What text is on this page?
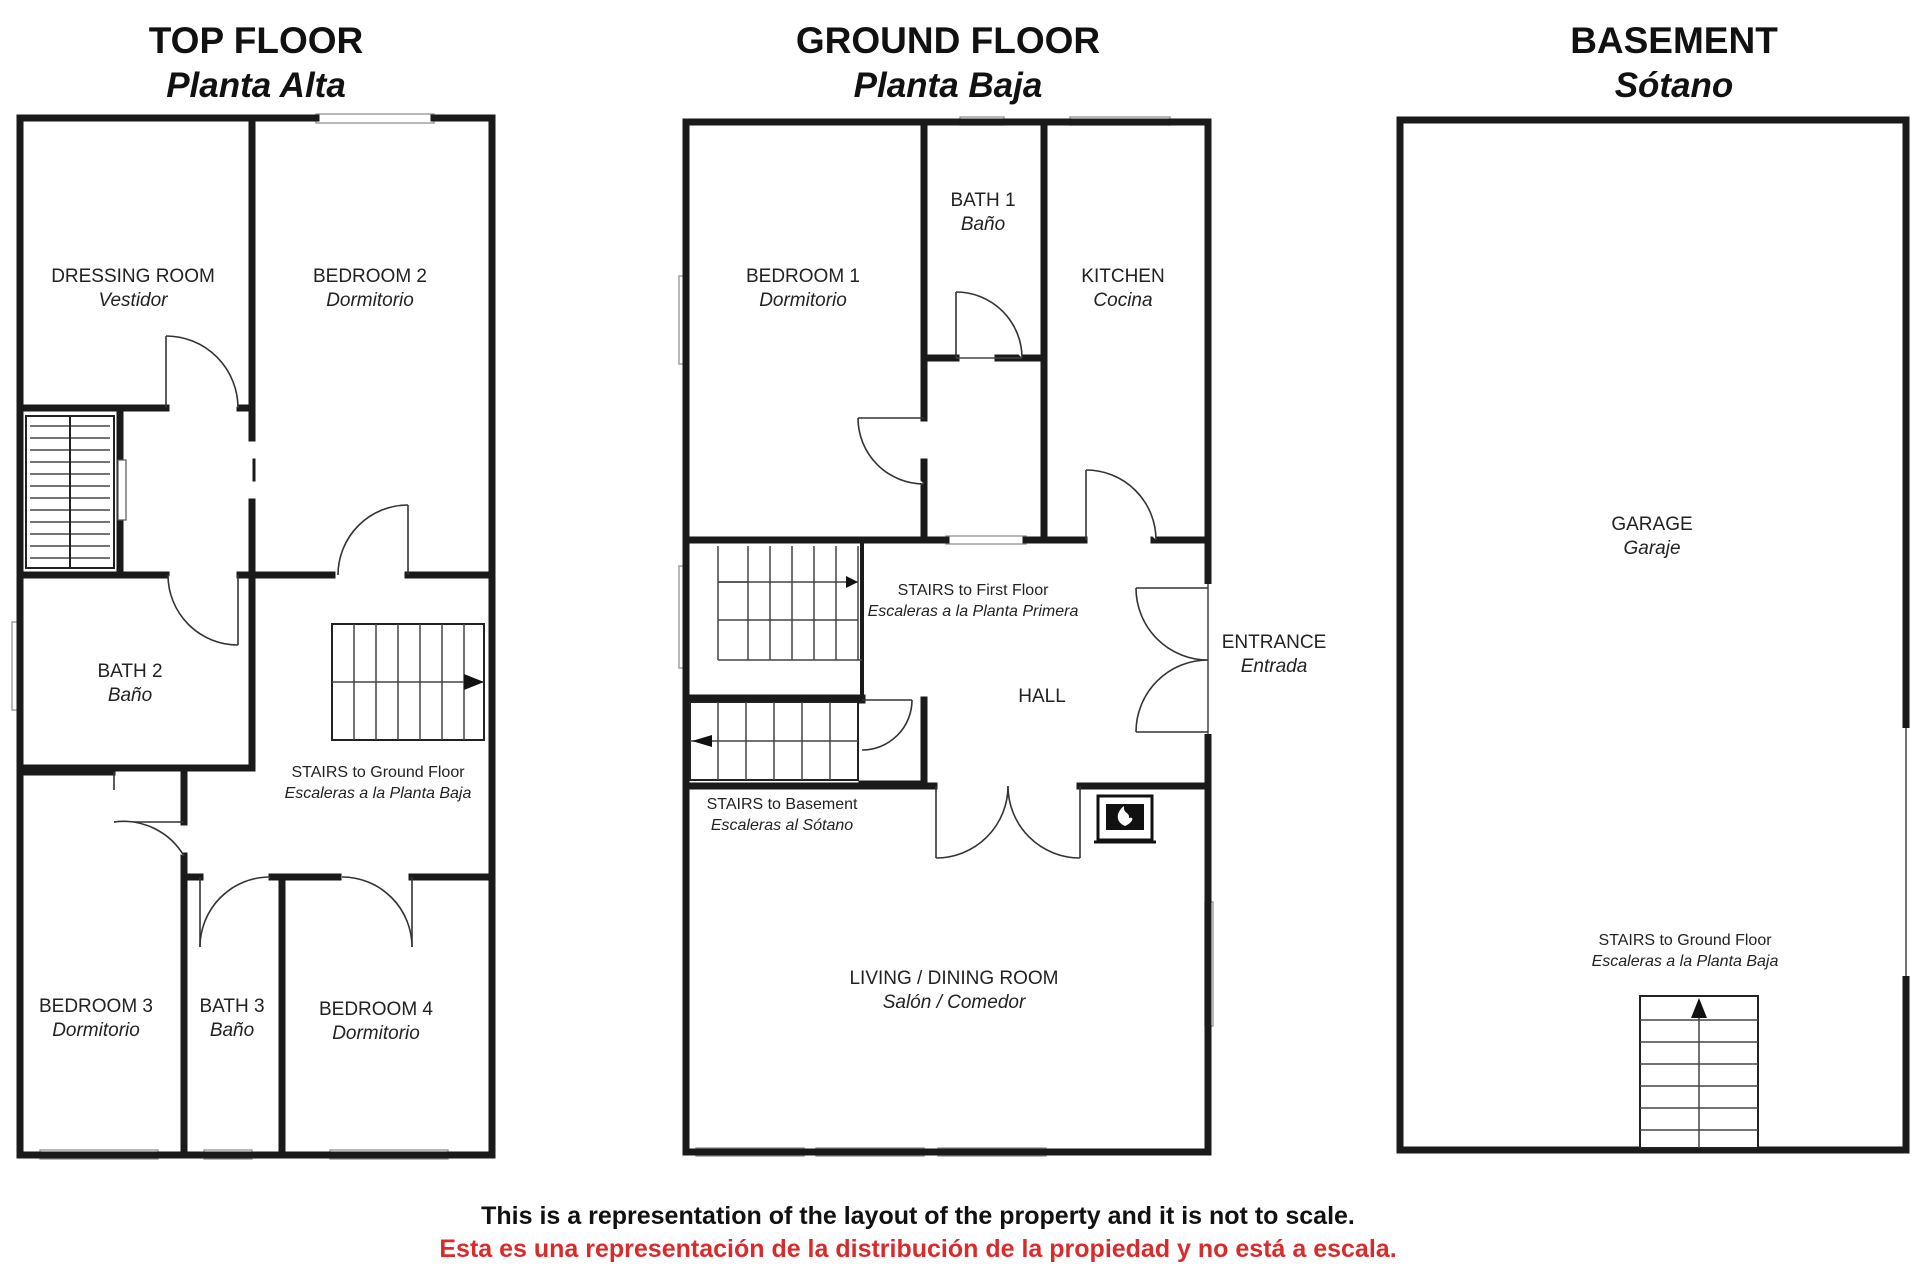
TOP FLOOR
Planta Alta
GROUND FLOOR
Planta Baja
BASEMENT
Sótano
DRESSING ROOM
Vestidor
BEDROOM 2
Dormitorio
BATH 2
Baño
STAIRS to Ground Floor
Escaleras a la Planta Baja
BEDROOM 3
Dormitorio
BATH 3
Baño
BEDROOM 4
Dormitorio
BEDROOM 1
Dormitorio
BATH 1
Baño
KITCHEN
Cocina
STAIRS to First Floor
Escaleras a la Planta Primera
ENTRANCE
Entrada
HALL
STAIRS to Basement
Escaleras al Sótano
LIVING / DINING ROOM
Salón / Comedor
GARAGE
Garaje
STAIRS to Ground Floor
Escaleras a la Planta Baja
This is a representation of the layout of the property and it is not to scale.
Esta es una representación de la distribución de la propiedad y no está a escala.
